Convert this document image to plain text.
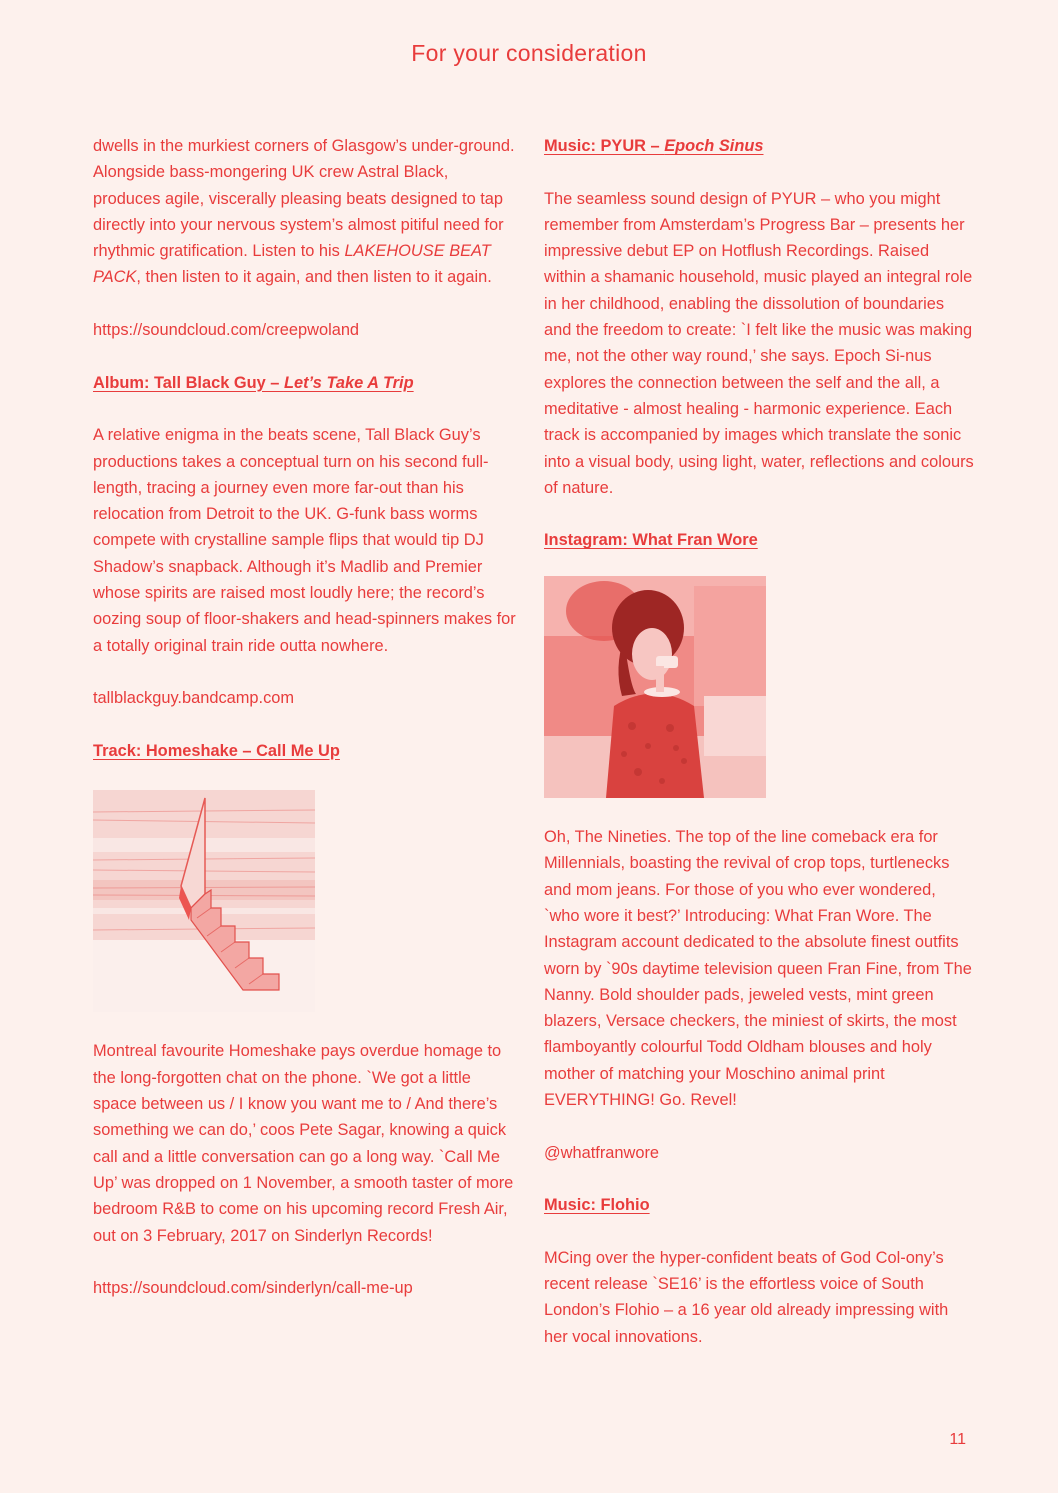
For your consideration

dwells in the murkiest corners of Glasgow’s under-ground. Alongside bass-mongering UK crew Astral Black, produces agile, viscerally pleasing beats designed to tap directly into your nervous system’s almost pitiful need for rhythmic gratification. Listen to his LAKEHOUSE BEAT PACK, then listen to it again, and then listen to it again.

https://soundcloud.com/creepwoland

Album: Tall Black Guy – Let’s Take A Trip

A relative enigma in the beats scene, Tall Black Guy’s productions takes a conceptual turn on his second full-length, tracing a journey even more far-out than his relocation from Detroit to the UK. G-funk bass worms compete with crystalline sample flips that would tip DJ Shadow’s snapback. Although it’s Madlib and Premier whose spirits are raised most loudly here; the record’s oozing soup of floor-shakers and head-spinners makes for a totally original train ride outta nowhere.

tallblackguy.bandcamp.com

Track: Homeshake – Call Me Up

Montreal favourite Homeshake pays overdue homage to the long-forgotten chat on the phone. `We got a little space between us / I know you want me to / And there’s something we can do,’ coos Pete Sagar, knowing a quick call and a little conversation can go a long way. `Call Me Up’ was dropped on 1 November, a smooth taster of more bedroom R&B to come on his upcoming record Fresh Air, out on 3 February, 2017 on Sinderlyn Records!

https://soundcloud.com/sinderlyn/call-me-up

Music: PYUR – Epoch Sinus

The seamless sound design of PYUR – who you might remember from Amsterdam’s Progress Bar – presents her impressive debut EP on Hotflush Recordings. Raised within a shamanic household, music played an integral role in her childhood, enabling the dissolution of boundaries and the freedom to create: `I felt like the music was making me, not the other way round,’ she says. Epoch Si-nus explores the connection between the self and the all, a meditative - almost healing - harmonic experience. Each track is accompanied by images which translate the sonic into a visual body, using light, water, reflections and colours of nature.

Instagram: What Fran Wore

Oh, The Nineties. The top of the line comeback era for Millennials, boasting the revival of crop tops, turtlenecks and mom jeans. For those of you who ever wondered, `who wore it best?’ Introducing: What Fran Wore. The Instagram account dedicated to the absolute finest outfits worn by `90s daytime television queen Fran Fine, from The Nanny. Bold shoulder pads, jeweled vests, mint green blazers, Versace checkers, the miniest of skirts, the most flamboyantly colourful Todd Oldham blouses and holy mother of matching your Moschino animal print EVERYTHING! Go. Revel!

@whatfranwore

Music: Flohio

MCing over the hyper-confident beats of God Col-ony’s recent release `SE16’ is the effortless voice of South London’s Flohio – a 16 year old already impressing with her vocal innovations.

11
